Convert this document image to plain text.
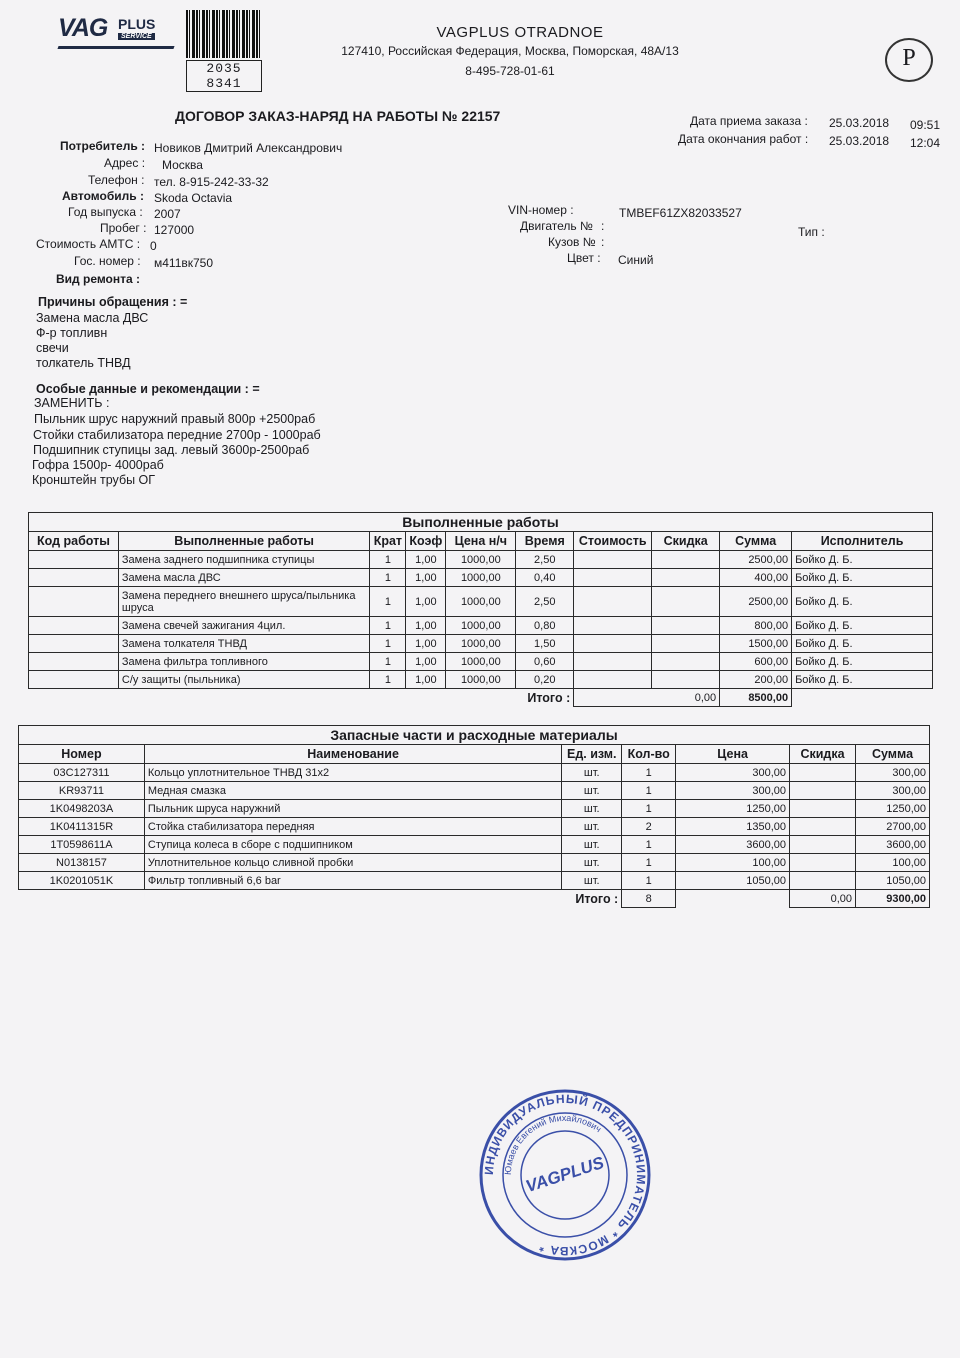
VAG PLUS
SERVICE
2035 8341
VAGPLUS OTRADNOE
127410, Российская Федерация, Москва, Поморская, 48А/13
8-495-728-01-61	Р
ДОГОВОР ЗАКАЗ-НАРЯД НА РАБОТЫ № 22157	Дата приема заказа : 25.03.2018 09:51
Дата окончания работ : 25.03.2018 12:04
Потребитель : Новиков Дмитрий Александрович
Адрес : Москва
Телефон : тел. 8-915-242-33-32
Автомобиль : Skoda Octavia
Год выпуска : 2007
Пробег : 127000
Стоимость АМТС : 0
Гос. номер : м411вк750
VIN-номер :	TMBEF61ZX82033527
Двигатель № :	Тип :
Кузов № :
Цвет : Синий
Вид ремонта :
Причины обращения : =
Замена масла ДВС
Ф-р топливн
свечи
толкатель ТНВД
Особые данные и рекомендации : =
ЗАМЕНИТЬ :
Пыльник шрус наружний правый 800р +2500раб
Стойки стабилизатора передние 2700р - 1000раб
Подшипник ступицы зад. левый 3600р-2500раб
Гофра 1500р- 4000раб
Кронштейн трубы ОГ
Выполненные работы									
Код работы	Выполненные работы	Крат	Коэф	Цена н/ч	Время	Стоимость	Скидка	Сумма	Исполнитель
	Замена заднего подшипника ступицы	1	1,00	1000,00	2,50			2500,00	Бойко Д. Б.
	Замена масла ДВС	1	1,00	1000,00	0,40			400,00	Бойко Д. Б.
	Замена переднего внешнего шруса/пыльника шруса	1	1,00	1000,00	2,50			2500,00	Бойко Д. Б.
	Замена свечей зажигания 4цил.	1	1,00	1000,00	0,80			800,00	Бойко Д. Б.
	Замена толкателя ТНВД	1	1,00	1000,00	1,50			1500,00	Бойко Д. Б.
	Замена фильтра топливного	1	1,00	1000,00	0,60			600,00	Бойко Д. Б.
	С/у защиты (пыльника)	1	1,00	1000,00	0,20			200,00	Бойко Д. Б.
Итого :						0,00		8500,00	
Запасные части и расходные материалы						
Номер	Наименование	Ед. изм.	Кол-во	Цена	Скидка	Сумма
03C127311	Кольцо уплотнительное ТНВД 31х2	шт.	1	300,00		300,00
KR93711	Медная смазка	шт.	1	300,00		300,00
1K0498203A	Пыльник шруса наружний	шт.	1	1250,00		1250,00
1K0411315R	Стойка стабилизатора передняя	шт.	2	1350,00		2700,00
1T0598611A	Ступица колеса в сборе с подшипником	шт.	1	3600,00		3600,00
N0138157	Уплотнительное кольцо сливной пробки	шт.	1	100,00		100,00
1K0201051K	Фильтр топливный 6,6 bar	шт.	1	1050,00		1050,00
Итого :			8		0,00	9300,00
ИНДИВИДУАЛЬНЫЙ ПРЕДПРИНИМАТЕЛЬ * МОСКВА *
Юмаев Евгений Михайлович
VAGPLUS
